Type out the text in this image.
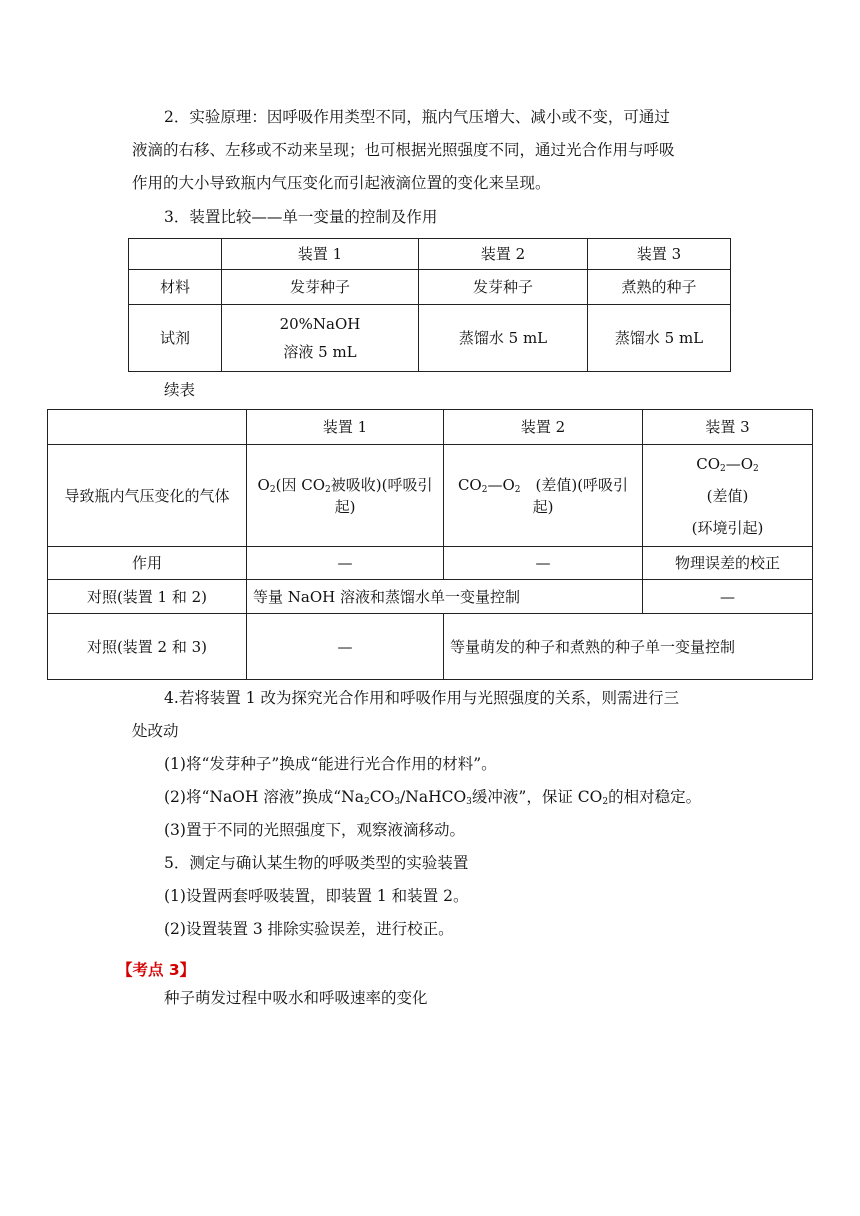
2．实验原理：因呼吸作用类型不同，瓶内气压增大、减小或不变，可通过
液滴的右移、左移或不动来呈现；也可根据光照强度不同，通过光合作用与呼吸
作用的大小导致瓶内气压变化而引起液滴位置的变化来呈现。
3．装置比较——单一变量的控制及作用
	装置 1	装置 2	装置 3
材料	发芽种子	发芽种子	煮熟的种子
试剂	20%NaOH
溶液 5 mL	蒸馏水 5 mL	蒸馏水 5 mL
续表
	装置 1	装置 2	装置 3
导致瓶内气压变化的气体	$O_2$(因 $CO_2$被吸收)(呼吸引起)	$CO_2—O_2$　(差值)(呼吸引起)	$CO_2—O_2$
(差值)
(环境引起)

作用	—	—	物理误差的校正
对照(装置 1 和 2)	等量 NaOH 溶液和蒸馏水单一变量控制		—
对照(装置 2 和 3)	—	等量萌发的种子和煮熟的种子单一变量控制	
4.若将装置 1 改为探究光合作用和呼吸作用与光照强度的关系，则需进行三
处改动
(1)将“发芽种子”换成“能进行光合作用的材料”。
(2)将“NaOH 溶液”换成“$Na_2CO_3/NaHCO_3$缓冲液”，保证 $CO_2$的相对稳定。
(3)置于不同的光照强度下，观察液滴移动。
5．测定与确认某生物的呼吸类型的实验装置
(1)设置两套呼吸装置，即装置 1 和装置 2。
(2)设置装置 3 排除实验误差，进行校正。
【考点 3】
种子萌发过程中吸水和呼吸速率的变化
